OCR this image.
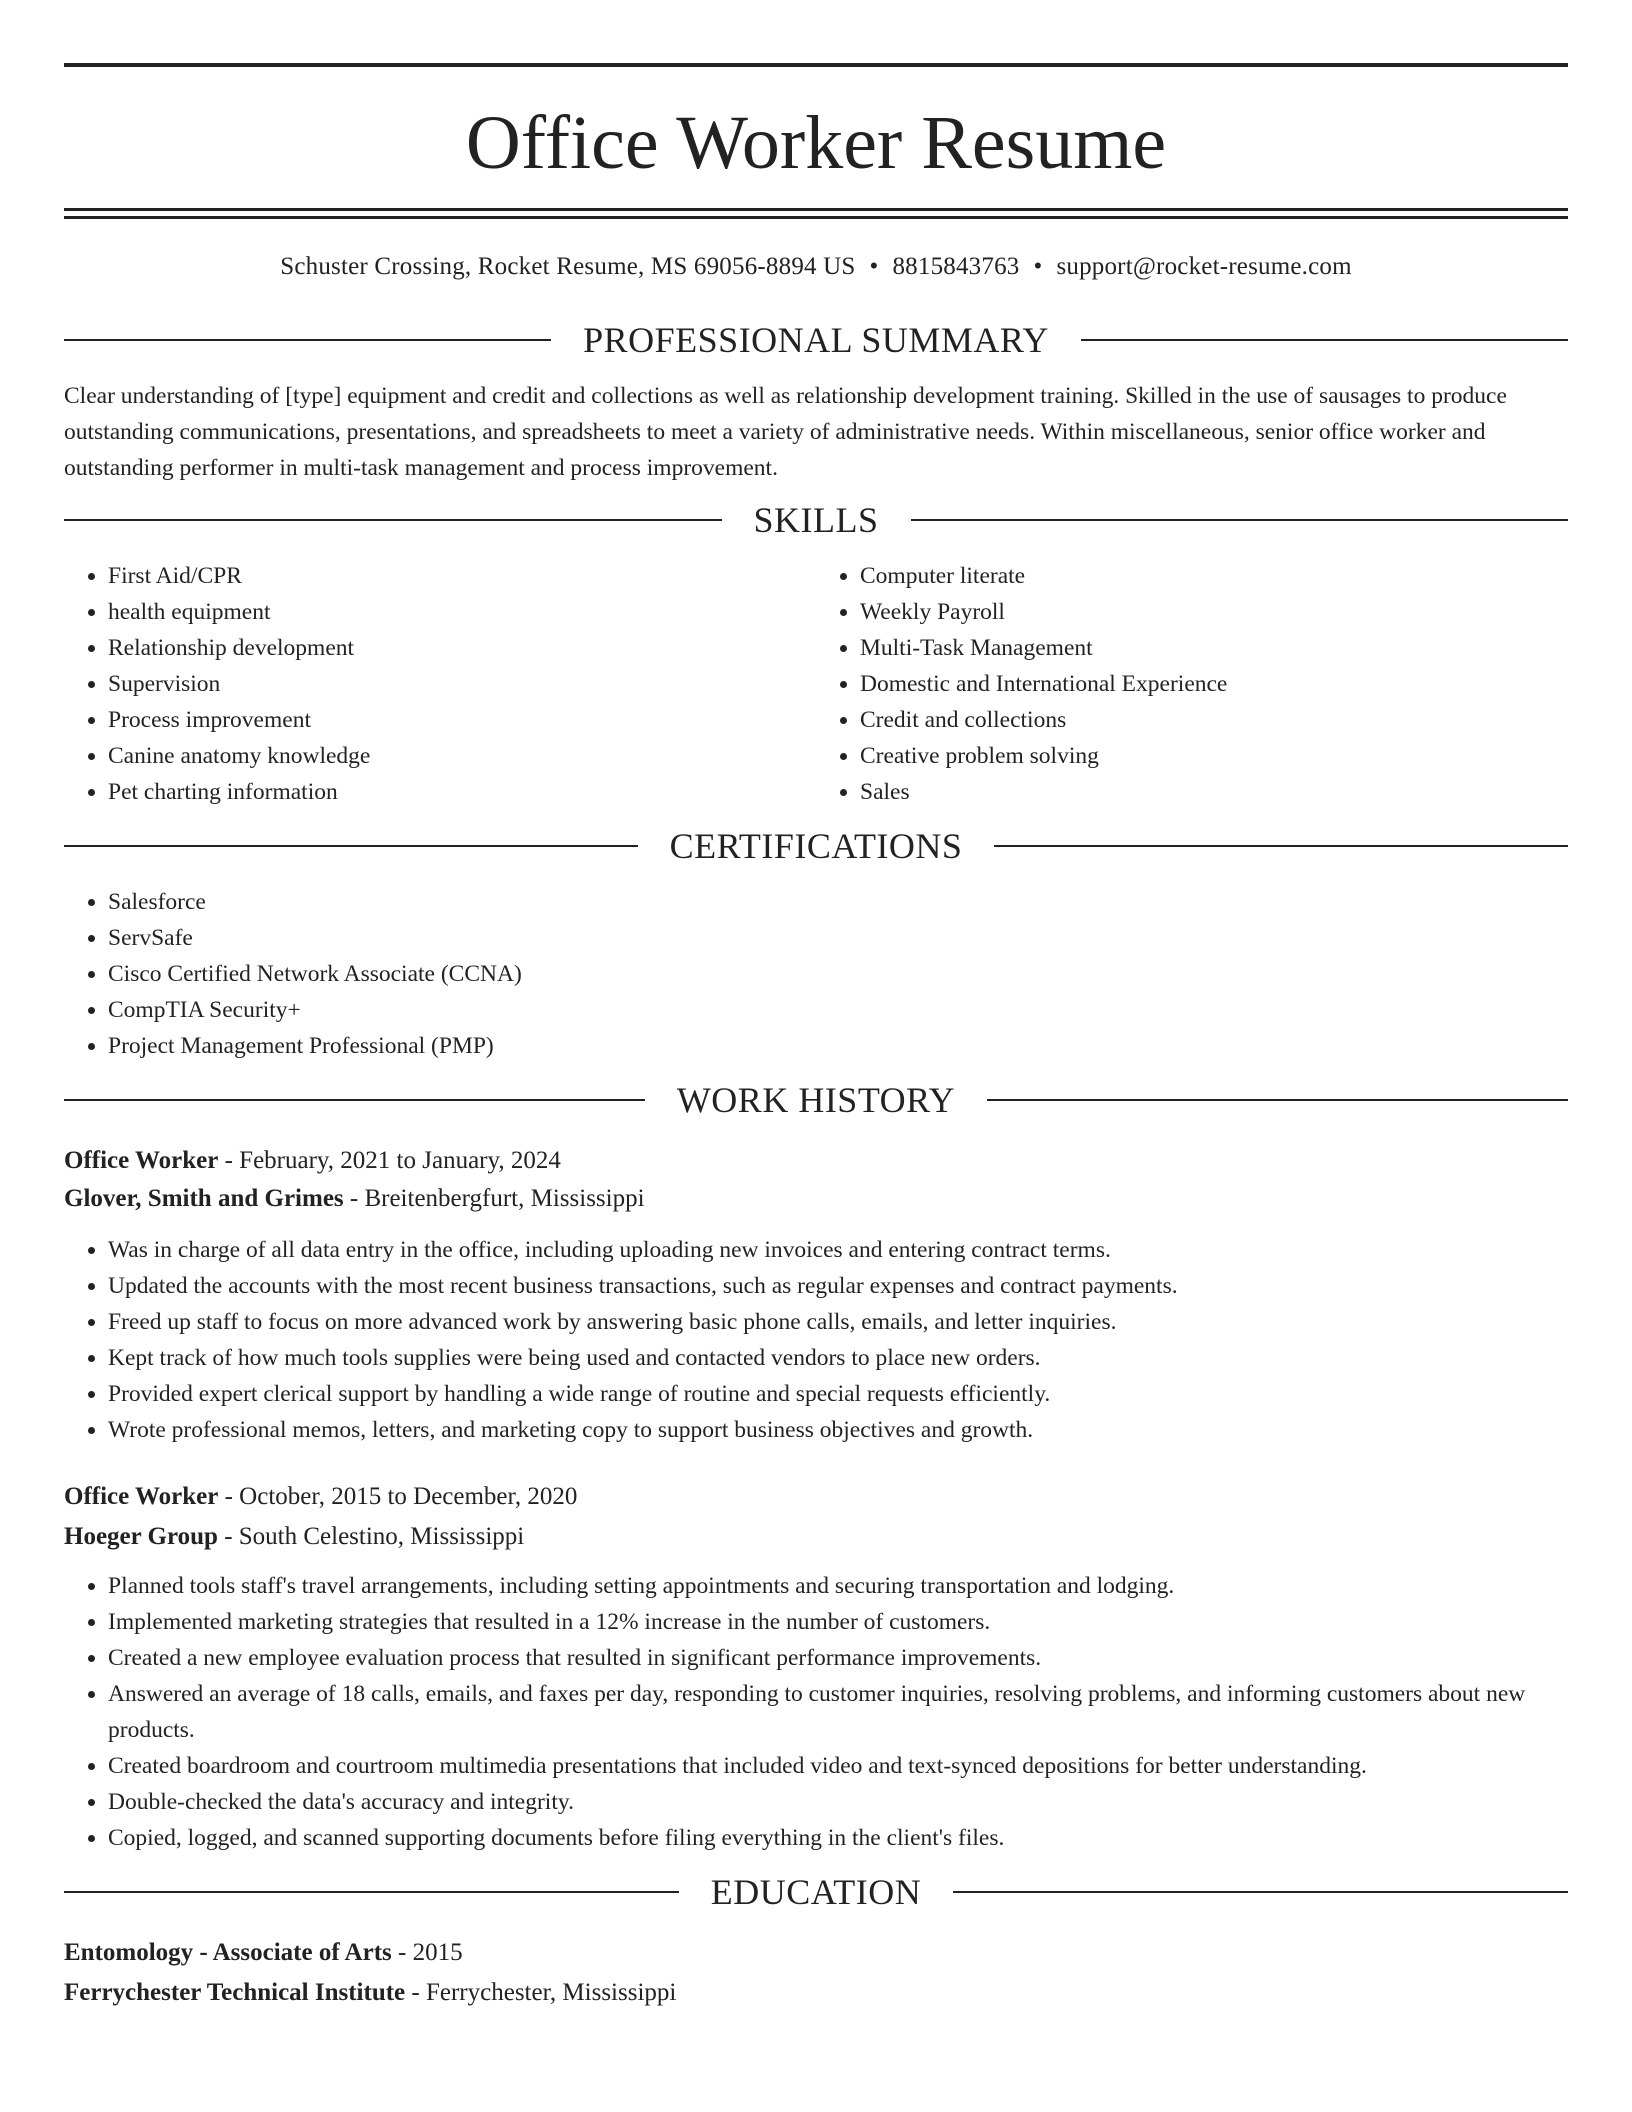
Office Worker Resume
Schuster Crossing, Rocket Resume, MS 69056-8894 US • 8815843763 • support@rocket-resume.com
PROFESSIONAL SUMMARY

Clear understanding of [type] equipment and credit and collections as well as relationship development training. Skilled in the use of sausages to produce outstanding communications, presentations, and spreadsheets to meet a variety of administrative needs. Within miscellaneous, senior office worker and outstanding performer in multi-task management and process improvement.

SKILLS
• First Aid/CPR
• health equipment
• Relationship development
• Supervision
• Process improvement
• Canine anatomy knowledge
• Pet charting information
• Computer literate
• Weekly Payroll
• Multi-Task Management
• Domestic and International Experience
• Credit and collections
• Creative problem solving
• Sales
CERTIFICATIONS
• Salesforce
• ServSafe
• Cisco Certified Network Associate (CCNA)
• CompTIA Security+
• Project Management Professional (PMP)
WORK HISTORY
Office Worker - February, 2021 to January, 2024
Glover, Smith and Grimes - Breitenbergfurt, Mississippi
• Was in charge of all data entry in the office, including uploading new invoices and entering contract terms.
• Updated the accounts with the most recent business transactions, such as regular expenses and contract payments.
• Freed up staff to focus on more advanced work by answering basic phone calls, emails, and letter inquiries.
• Kept track of how much tools supplies were being used and contacted vendors to place new orders.
• Provided expert clerical support by handling a wide range of routine and special requests efficiently.
• Wrote professional memos, letters, and marketing copy to support business objectives and growth.
Office Worker - October, 2015 to December, 2020
Hoeger Group - South Celestino, Mississippi
• Planned tools staff's travel arrangements, including setting appointments and securing transportation and lodging.
• Implemented marketing strategies that resulted in a 12% increase in the number of customers.
• Created a new employee evaluation process that resulted in significant performance improvements.
• Answered an average of 18 calls, emails, and faxes per day, responding to customer inquiries, resolving problems, and informing customers about new products.
• Created boardroom and courtroom multimedia presentations that included video and text-synced depositions for better understanding.
• Double-checked the data's accuracy and integrity.
• Copied, logged, and scanned supporting documents before filing everything in the client's files.
EDUCATION
Entomology - Associate of Arts - 2015
Ferrychester Technical Institute - Ferrychester, Mississippi
